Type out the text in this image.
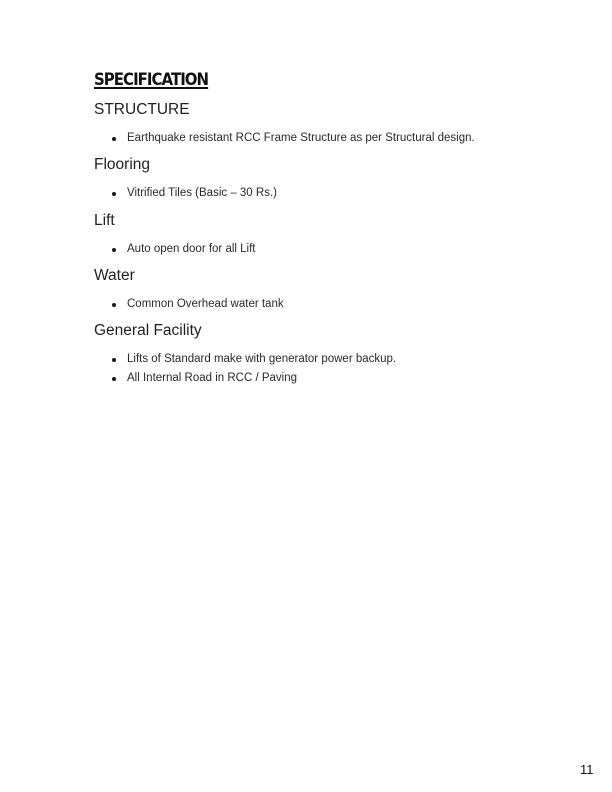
SPECIFICATION
STRUCTURE
Earthquake resistant RCC Frame Structure as per Structural design.
Flooring
Vitrified Tiles (Basic – 30 Rs.)
Lift
Auto open door for all Lift
Water
Common Overhead water tank
General Facility
Lifts of Standard make with generator power backup.
All Internal Road in RCC / Paving
11
